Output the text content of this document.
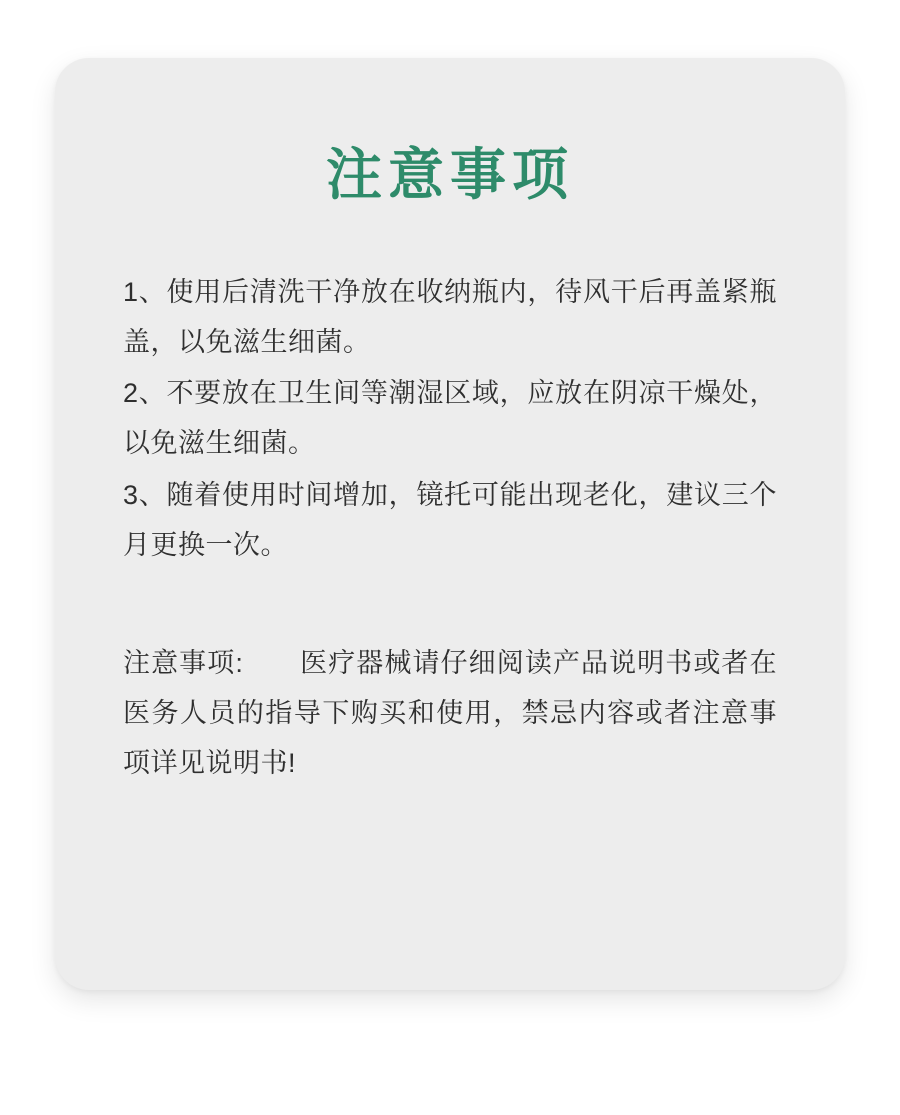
注意事项
1、使用后清洗干净放在收纳瓶内，待风干后再盖紧瓶盖，以免滋生细菌。
2、不要放在卫生间等潮湿区域，应放在阴凉干燥处，以免滋生细菌。
3、随着使用时间增加，镜托可能出现老化，建议三个月更换一次。

注意事项:　　 医疗器械请仔细阅读产品说明书或者在医务人员的指导下购买和使用，禁忌内容或者注意事项详见说明书!
